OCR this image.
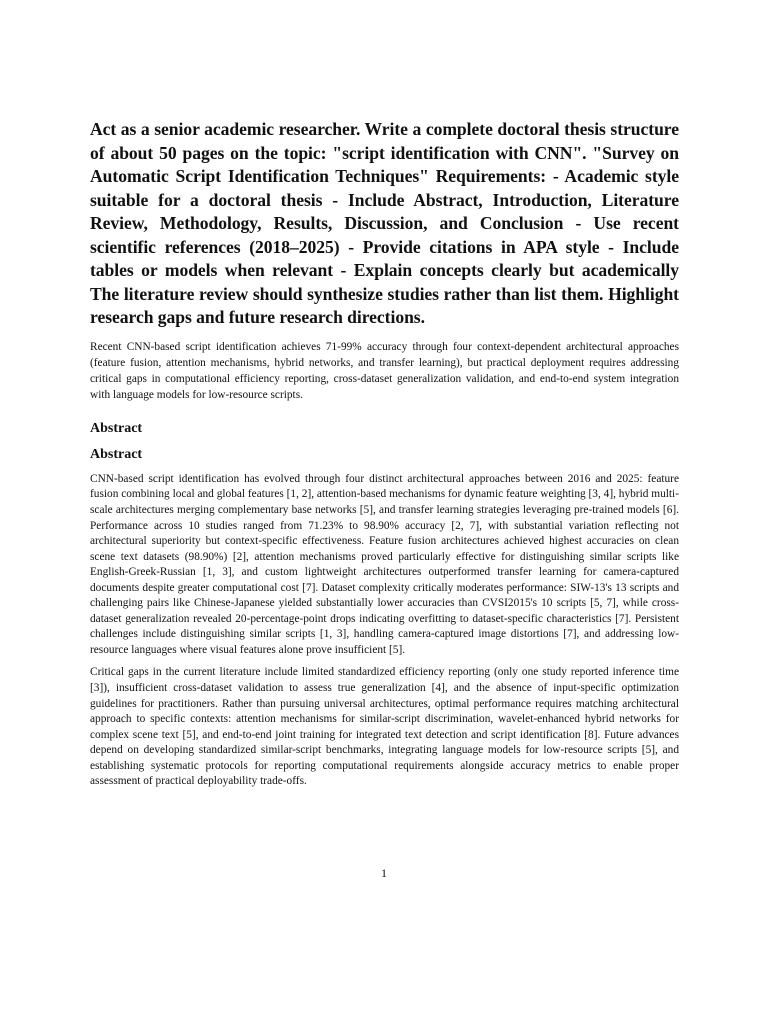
Act as a senior academic researcher. Write a complete doctoral thesis structure of about 50 pages on the topic: "script identification with CNN". "Survey on Automatic Script Identification Techniques" Requirements: - Academic style suitable for a doctoral thesis - Include Abstract, Introduction, Literature Review, Methodology, Results, Discussion, and Conclusion - Use recent scientific references (2018–2025) - Provide citations in APA style - Include tables or models when relevant - Explain concepts clearly but academically The literature review should synthesize studies rather than list them. Highlight research gaps and future research directions.

Recent CNN-based script identification achieves 71-99% accuracy through four context-dependent architectural approaches (feature fusion, attention mechanisms, hybrid networks, and transfer learning), but practical deployment requires addressing critical gaps in computational efficiency reporting, cross-dataset generalization validation, and end-to-end system integration with language models for low-resource scripts.

Abstract
Abstract

CNN-based script identification has evolved through four distinct architectural approaches between 2016 and 2025: feature fusion combining local and global features [1, 2], attention-based mechanisms for dynamic feature weighting [3, 4], hybrid multi-scale architectures merging complementary base networks [5], and transfer learning strategies leveraging pre-trained models [6]. Performance across 10 studies ranged from 71.23% to 98.90% accuracy [2, 7], with substantial variation reflecting not architectural superiority but context-specific effectiveness. Feature fusion architectures achieved highest accuracies on clean scene text datasets (98.90%) [2], attention mechanisms proved particularly effective for distinguishing similar scripts like English-Greek-Russian [1, 3], and custom lightweight architectures outperformed transfer learning for camera-captured documents despite greater computational cost [7]. Dataset complexity critically moderates performance: SIW-13's 13 scripts and challenging pairs like Chinese-Japanese yielded substantially lower accuracies than CVSI2015's 10 scripts [5, 7], while cross-dataset generalization revealed 20-percentage-point drops indicating overfitting to dataset-specific characteristics [7]. Persistent challenges include distinguishing similar scripts [1, 3], handling camera-captured image distortions [7], and addressing low-resource languages where visual features alone prove insufficient [5].

Critical gaps in the current literature include limited standardized efficiency reporting (only one study reported inference time [3]), insufficient cross-dataset validation to assess true generalization [4], and the absence of input-specific optimization guidelines for practitioners. Rather than pursuing universal architectures, optimal performance requires matching architectural approach to specific contexts: attention mechanisms for similar-script discrimination, wavelet-enhanced hybrid networks for complex scene text [5], and end-to-end joint training for integrated text detection and script identification [8]. Future advances depend on developing standardized similar-script benchmarks, integrating language models for low-resource scripts [5], and establishing systematic protocols for reporting computational requirements alongside accuracy metrics to enable proper assessment of practical deployability trade-offs.

1
